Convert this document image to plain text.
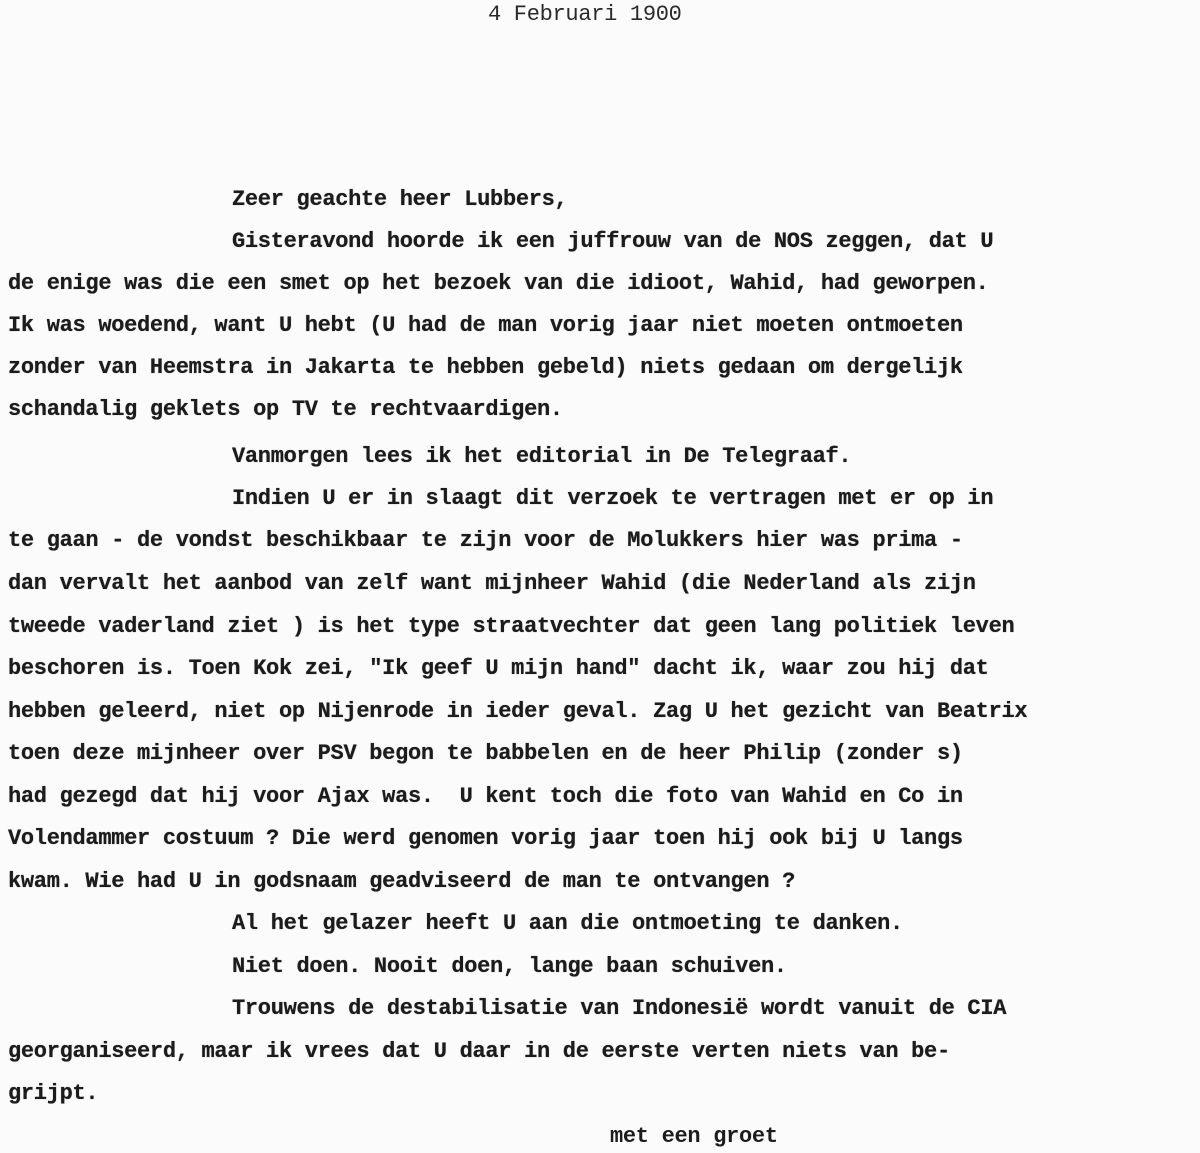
4 Februari 1900
Zeer geachte heer Lubbers,
Gisteravond hoorde ik een juffrouw van de NOS zeggen, dat U
de enige was die een smet op het bezoek van die idioot, Wahid, had geworpen.
Ik was woedend, want U hebt (U had de man vorig jaar niet moeten ontmoeten
zonder van Heemstra in Jakarta te hebben gebeld) niets gedaan om dergelijk
schandalig geklets op TV te rechtvaardigen.
Vanmorgen lees ik het editorial in De Telegraaf.
Indien U er in slaagt dit verzoek te vertragen met er op in
te gaan - de vondst beschikbaar te zijn voor de Molukkers hier was prima -
dan vervalt het aanbod van zelf want mijnheer Wahid (die Nederland als zijn
tweede vaderland ziet ) is het type straatvechter dat geen lang politiek leven
beschoren is. Toen Kok zei, "Ik geef U mijn hand" dacht ik, waar zou hij dat
hebben geleerd, niet op Nijenrode in ieder geval. Zag U het gezicht van Beatrix
toen deze mijnheer over PSV begon te babbelen en de heer Philip (zonder s)
had gezegd dat hij voor Ajax was.  U kent toch die foto van Wahid en Co in
Volendammer costuum ? Die werd genomen vorig jaar toen hij ook bij U langs
kwam. Wie had U in godsnaam geadviseerd de man te ontvangen ?
Al het gelazer heeft U aan die ontmoeting te danken.
Niet doen. Nooit doen, lange baan schuiven.
Trouwens de destabilisatie van Indonesië wordt vanuit de CIA
georganiseerd, maar ik vrees dat U daar in de eerste verten niets van be-
grijpt.
met een groet
